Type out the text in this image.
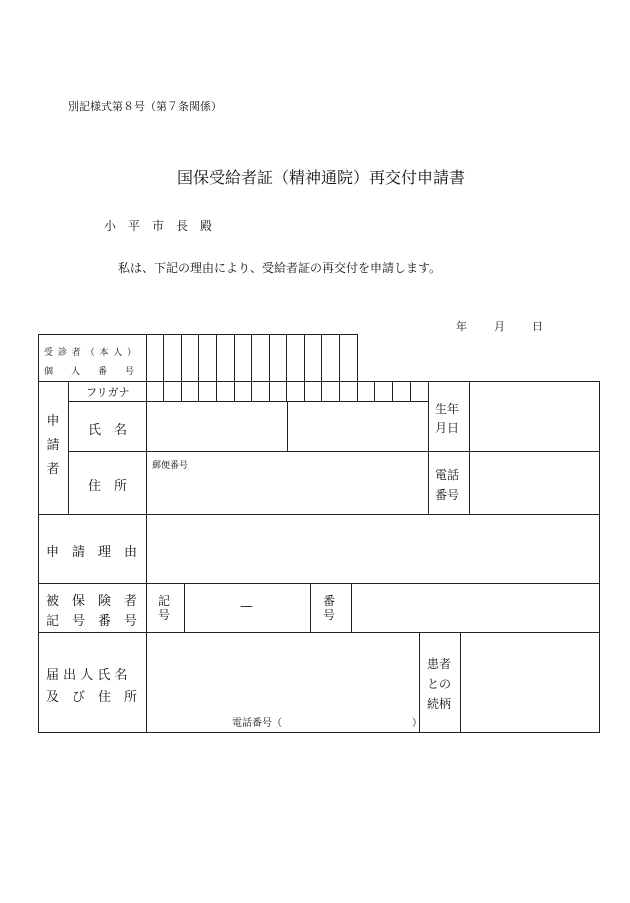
別記様式第８号（第７条関係）
国保受給者証（精神通院）再交付申請書
小　平　市　長　殿
私は、下記の理由により、受給者証の再交付を申請します。
年 月 日
受 診 者 （ 本 人 ）
個　　人　　番　　号
申請者
フリガナ
氏　名
住　所
郵便番号
生年
月日
電話
番号
申　請　理　由
被　保　険　者
記　号　番　号
記
号
—	番
号
届 出 人 氏 名
及　び　住　所
電話番号（　　　　　　　　　　　　　）
患者
との
続柄
